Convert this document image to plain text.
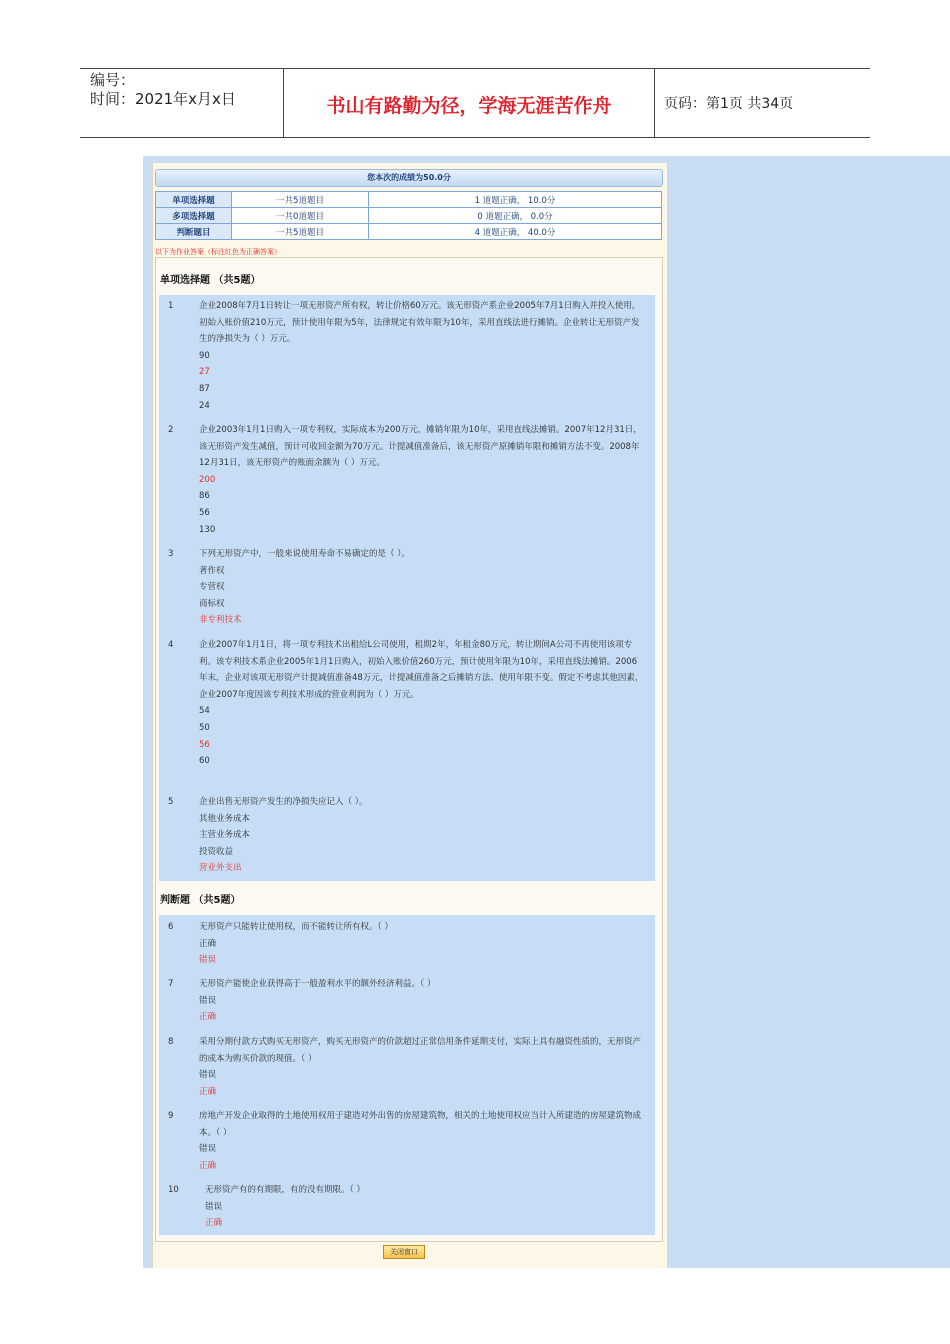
编号：
时间：2021年x月x日	书山有路勤为径，学海无涯苦作舟	页码：第1页 共34页
您本次的成绩为50.0分
单项选择题	一共5道题目	1 道题正确， 10.0分
多项选择题	一共0道题目	0 道题正确， 0.0分
判断题目	一共5道题目	4 道题正确， 40.0分
以下为作业答案（标注红色为正确答案）
单项选择题 （共5题）
判断题 （共5题）
1	企业2008年7月1日转让一项无形资产所有权，转让价格60万元。该无形资产系企业2005年7月1日购入并投入使用，初始入账价值210万元，预计使用年限为5年，法律规定有效年限为10年，采用直线法进行摊销。企业转让无形资产发生的净损失为（ ）万元。
90
27
87
24
2	企业2003年1月1日购入一项专利权，实际成本为200万元，摊销年限为10年，采用直线法摊销。2007年12月31日，该无形资产发生减值，预计可收回金额为70万元。计提减值准备后，该无形资产原摊销年限和摊销方法不变。2008年12月31日，该无形资产的账面余额为（ ）万元。
200
86
56
130
3	下列无形资产中，一般来说使用寿命不易确定的是（ ）。
著作权
专营权
商标权
非专利技术
4	企业2007年1月1日，将一项专利技术出租给L公司使用，租期2年，年租金80万元，转让期间A公司不再使用该项专利。该专利技术系企业2005年1月1日购入，初始入账价值260万元，预计使用年限为10年，采用直线法摊销。2006年末，企业对该项无形资产计提减值准备48万元，计提减值准备之后摊销方法、使用年限不变。假定不考虑其他因素，企业2007年度因该专利技术形成的营业利润为（ ）万元。
54
50
56
60
5	企业出售无形资产发生的净损失应记入（ ）。
其他业务成本
主营业务成本
投资收益
营业外支出
6	无形资产只能转让使用权，而不能转让所有权。（ ）
正确
错误
7	无形资产能使企业获得高于一般盈利水平的额外经济利益。（ ）
错误
正确
8	采用分期付款方式购买无形资产，购买无形资产的价款超过正常信用条件延期支付，实际上具有融资性质的，无形资产的成本为购买价款的现值。（ ）
错误
正确
9	房地产开发企业取得的土地使用权用于建造对外出售的房屋建筑物，相关的土地使用权应当计入所建造的房屋建筑物成本。（ ）
错误
正确
10	无形资产有的有期限，有的没有期限。（ ）
错误
正确
关闭窗口
